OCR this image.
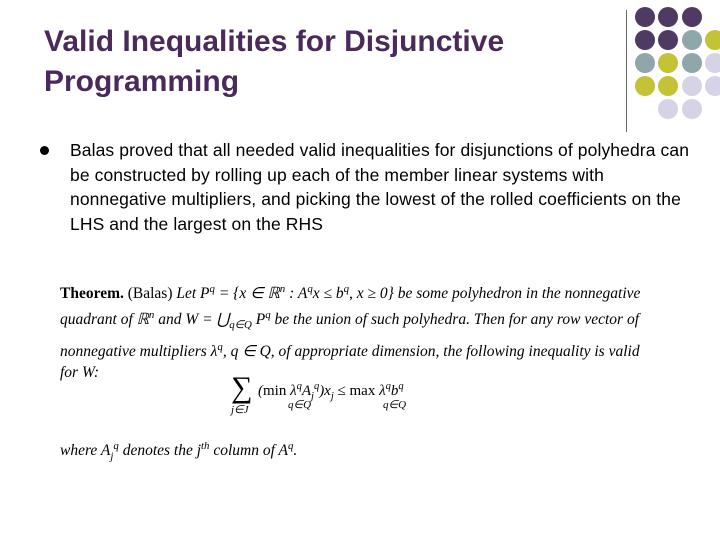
Valid Inequalities for Disjunctive
Programming
Balas proved that all needed valid inequalities for disjunctions of polyhedra can be constructed by rolling up each of the member linear systems with nonnegative multipliers, and picking the lowest of the rolled coefficients on the LHS and the largest on the RHS
Theorem. (Balas) Let $P^q = \{x$ ∈ ℝ$^n$ : $A^qx \le b^q$, x ≥ 0} be some polyhedron in the nonnegative quadrant of ℝ$^n$ and $W = ⋃_{q\in Q}$ $P^q$ be the union of such polyhedra. Then for any row vector of nonnegative multipliers $\lambda^q$, q ∈ Q, of appropriate dimension, the following inequality is valid for W:	∑
j∈J
(min $\lambda^qA_j^q)x_j \le \max \lambda^qb^q$
q∈Q	q∈Q
where $A_j^q$ denotes the $j^{th}$ column of $A^q$.
